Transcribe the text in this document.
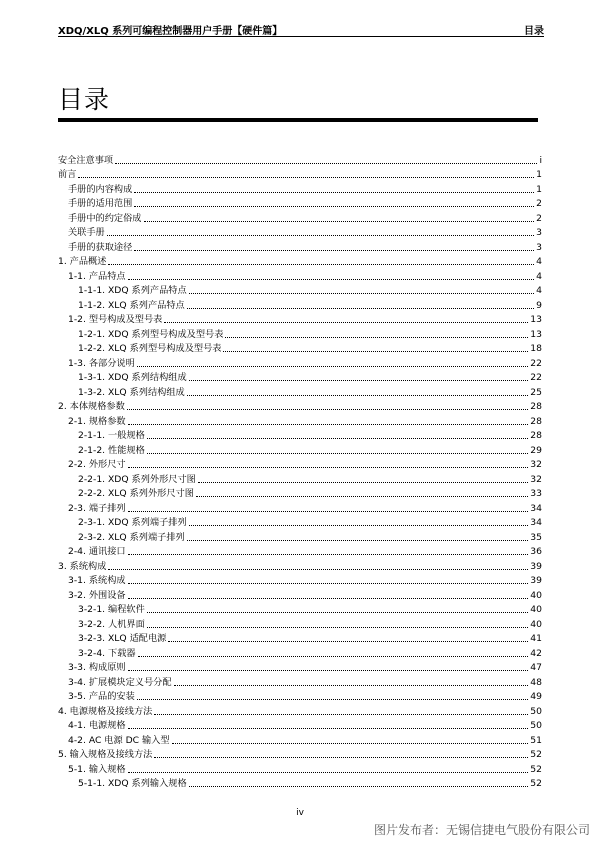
XDQ/XLQ 系列可编程控制器用户手册【硬件篇】	目录
目录
安全注意事项	i
前言	1
手册的内容构成	1
手册的适用范围	2
手册中的约定俗成	2
关联手册	3
手册的获取途径	3
1. 产品概述	4
1-1. 产品特点	4
1-1-1. XDQ 系列产品特点	4
1-1-2. XLQ 系列产品特点	9
1-2. 型号构成及型号表	13
1-2-1. XDQ 系列型号构成及型号表	13
1-2-2. XLQ 系列型号构成及型号表	18
1-3. 各部分说明	22
1-3-1. XDQ 系列结构组成	22
1-3-2. XLQ 系列结构组成	25
2. 本体规格参数	28
2-1. 规格参数	28
2-1-1. 一般规格	28
2-1-2. 性能规格	29
2-2. 外形尺寸	32
2-2-1. XDQ 系列外形尺寸图	32
2-2-2. XLQ 系列外形尺寸图	33
2-3. 端子排列	34
2-3-1. XDQ 系列端子排列	34
2-3-2. XLQ 系列端子排列	35
2-4. 通讯接口	36
3. 系统构成	39
3-1. 系统构成	39
3-2. 外围设备	40
3-2-1. 编程软件	40
3-2-2. 人机界面	40
3-2-3. XLQ 适配电源	41
3-2-4. 下载器	42
3-3. 构成原则	47
3-4. 扩展模块定义号分配	48
3-5. 产品的安装	49
4. 电源规格及接线方法	50
4-1. 电源规格	50
4-2. AC 电源 DC 输入型	51
5. 输入规格及接线方法	52
5-1. 输入规格	52
5-1-1. XDQ 系列输入规格	52
iv
图片发布者：无锡信捷电气股份有限公司
